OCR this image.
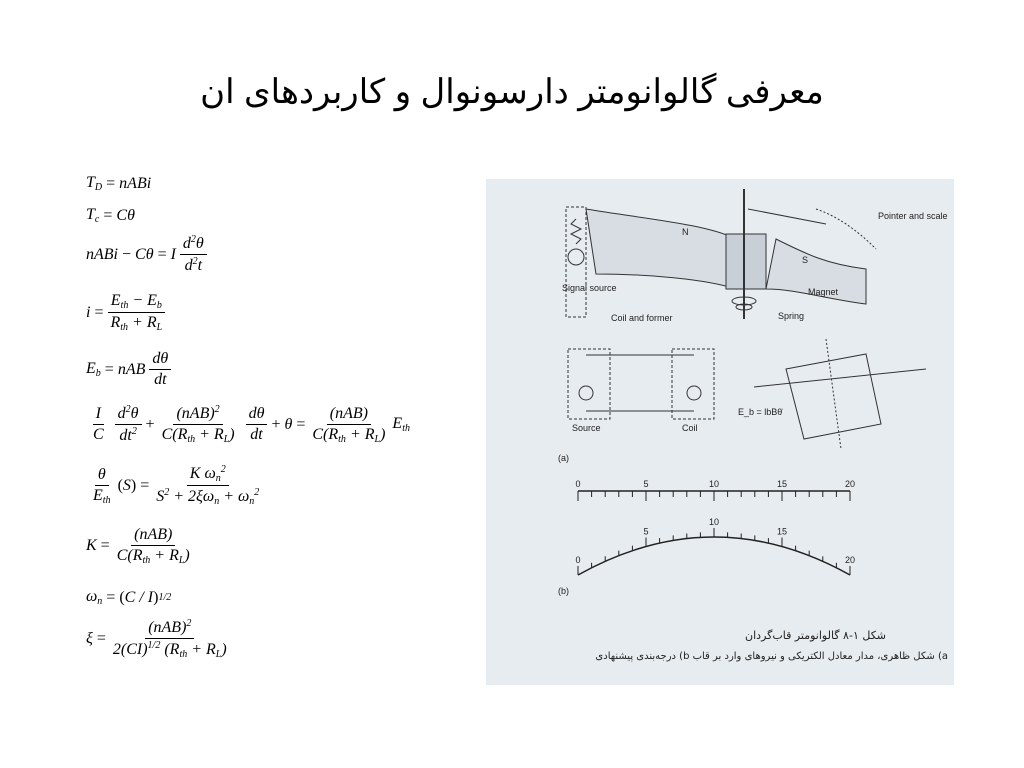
معرفی گالوانومتر دارسونوال و کاربردهای ان
$T_D$
=
nABi
$T_c$
=
Cθ
nABi
−
Cθ
=
I $\frac{d^2\theta}{d^2t}$
i
= $\frac{E_{th} - E_b}{R_{th} + R_L}$
$E_b$
=
nAB $\frac{d\theta}{dt}$
$\frac{I}{C} \frac{d^2\theta}{dt^2} + \frac{(nAB)^2}{C(R_{th} + R_L)} \frac{d\theta}{dt} + \theta = \frac{\text{(nAB)}}{C(R_{th} + R_L)} E_{th}$
$\frac{\theta}{E_{th}}$ ( S )
= $\frac{K \omega_n^2}{S^2 + 2\xi\omega_n + \omega_n^2}$
K
= $\frac{\text{(nAB)}}{C(R_{th} + R_L)}$
$\omega_n$
=
( C / I ) 1/2
ξ
= $\frac{(nAB)^2}{2(CI)^{1/2} (R_{th} + R_L)}$
Pointer and scale
Coil and former	Spring
Magnet
Signal source
N
S
Source	Coil
E_b = lbBθ̇
(a)
0	5	10	15	20
0
5
10
15
20
(b)
شکل ۱-۸ گالوانومتر قاب‌گردان
a) شکل ظاهری، مدار معادل الکتریکی و نیروهای وارد بر قاب b) درجه‌بندی پیشنهادی
